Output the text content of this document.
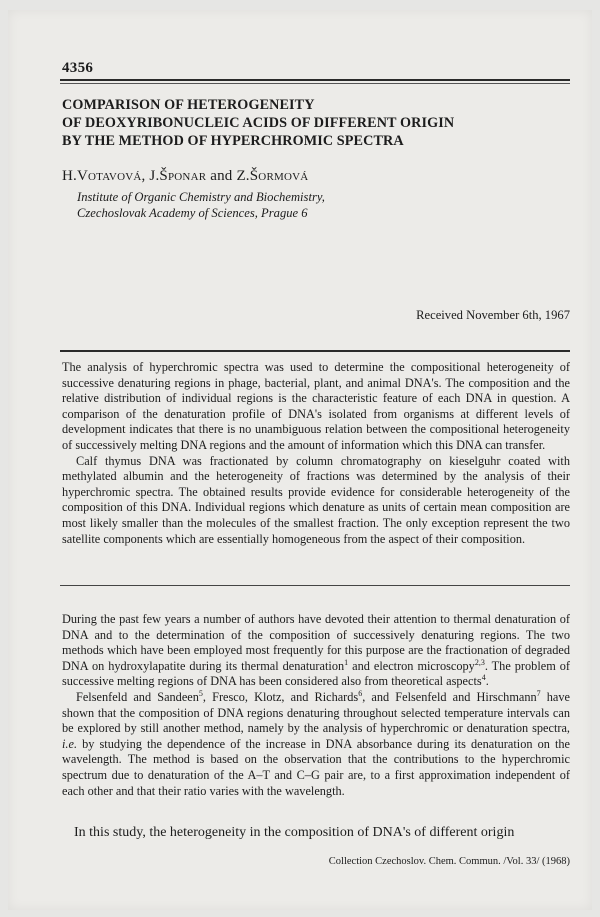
4356
COMPARISON OF HETEROGENEITY
OF DEOXYRIBONUCLEIC ACIDS OF DIFFERENT ORIGIN
BY THE METHOD OF HYPERCHROMIC SPECTRA
H.Votavová, J.Šponar and Z.Šormová
Institute of Organic Chemistry and Biochemistry,
Czechoslovak Academy of Sciences, Prague 6
Received November 6th, 1967

The analysis of hyperchromic spectra was used to determine the compositional heterogeneity of successive denaturing regions in phage, bacterial, plant, and animal DNA's. The composition and the relative distribution of individual regions is the characteristic feature of each DNA in question. A comparison of the denaturation profile of DNA's isolated from organisms at different levels of development indicates that there is no unambiguous relation between the compositional heterogeneity of successively melting DNA regions and the amount of information which this DNA can transfer.

Calf thymus DNA was fractionated by column chromatography on kieselguhr coated with methylated albumin and the heterogeneity of fractions was determined by the analysis of their hyperchromic spectra. The obtained results provide evidence for considerable heterogeneity of the composition of this DNA. Individual regions which denature as units of certain mean composition are most likely smaller than the molecules of the smallest fraction. The only exception represent the two satellite components which are essentially homogeneous from the aspect of their composition.

During the past few years a number of authors have devoted their attention to thermal denaturation of DNA and to the determination of the composition of successively denaturing regions. The two methods which have been employed most frequently for this purpose are the fractionation of degraded DNA on hydroxylapatite during its thermal denaturation$^1$ and electron microscopy$^{2,3}$. The problem of successive melting regions of DNA has been considered also from theoretical aspects$^4$.

Felsenfeld and Sandeen$^5$, Fresco, Klotz, and Richards$^6$, and Felsenfeld and Hirschmann$^7$ have shown that the composition of DNA regions denaturing throughout selected temperature intervals can be explored by still another method, namely by the analysis of hyperchromic or denaturation spectra, i.e. by studying the dependence of the increase in DNA absorbance during its denaturation on the wavelength. The method is based on the observation that the contributions to the hyperchromic spectrum due to denaturation of the A–T and C–G pair are, to a first approximation independent of each other and that their ratio varies with the wavelength.

In this study, the heterogeneity in the composition of DNA's of different origin
Collection Czechoslov. Chem. Commun. /Vol. 33/ (1968)
